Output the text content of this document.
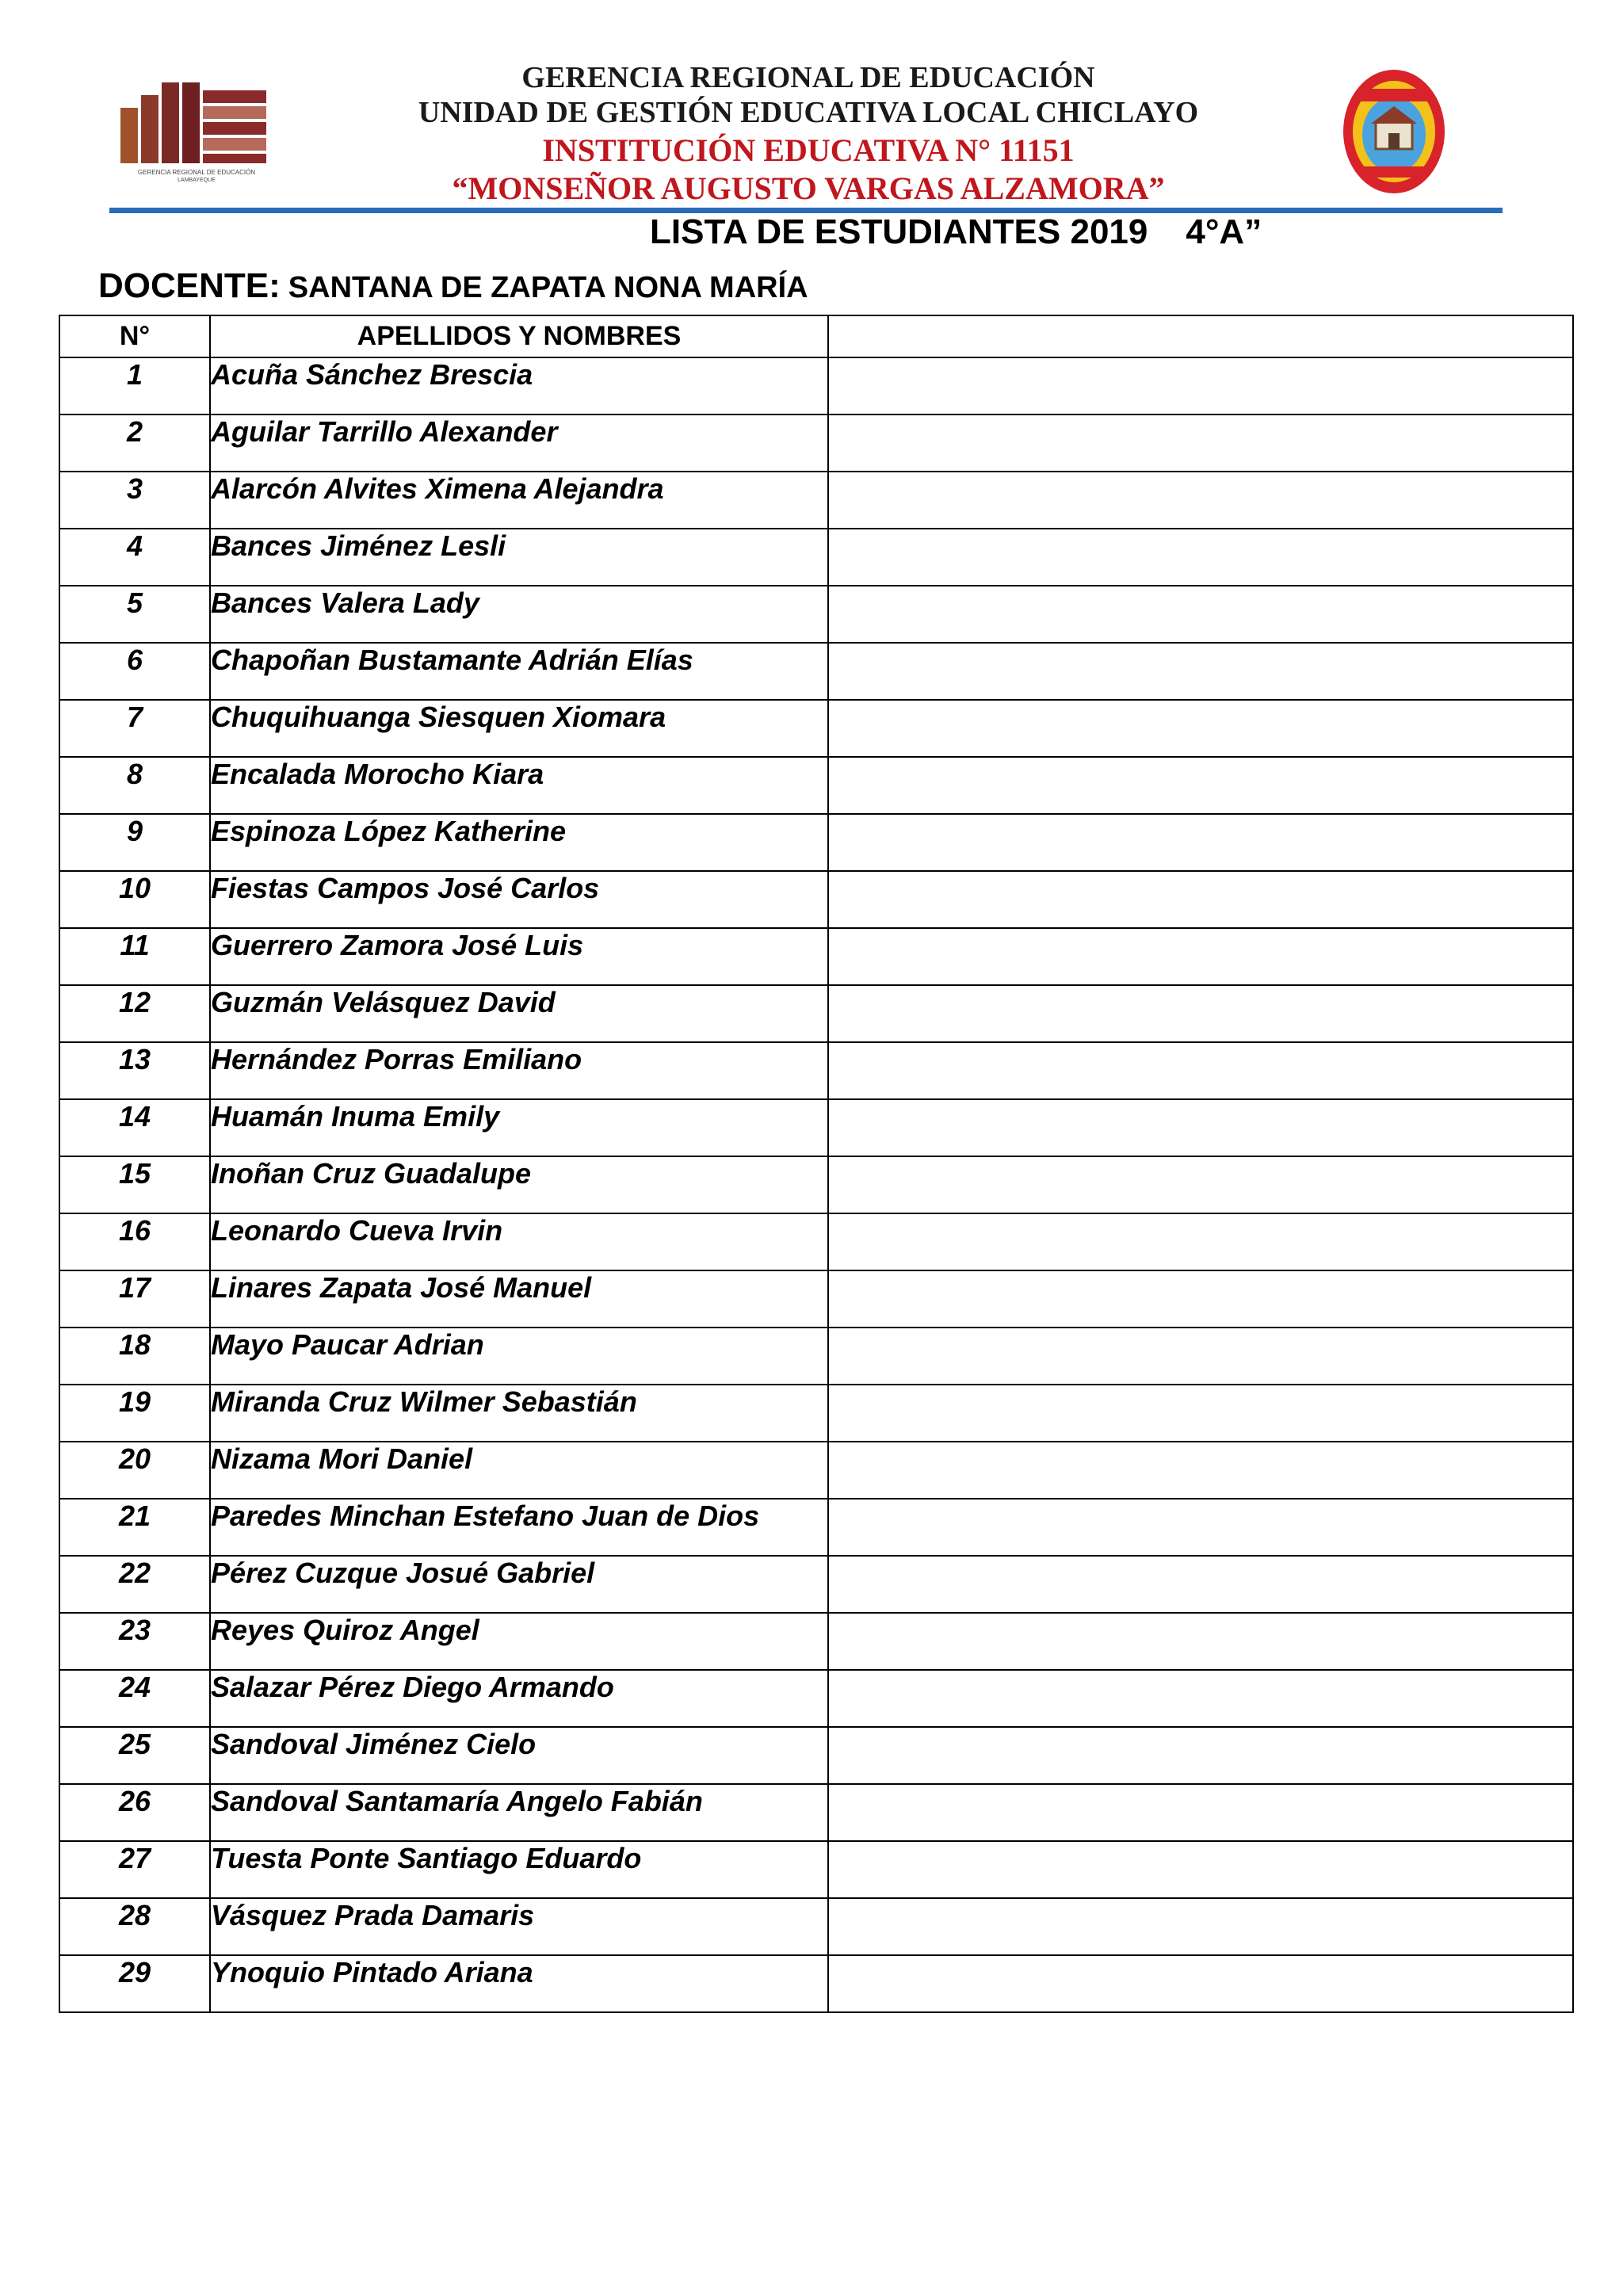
GERENCIA REGIONAL DE EDUCACIÓN
LAMBAYEQUE
GERENCIA REGIONAL DE EDUCACIÓN
UNIDAD DE GESTIÓN EDUCATIVA LOCAL CHICLAYO
INSTITUCIÓN EDUCATIVA N° 11151
“MONSEÑOR AUGUSTO VARGAS ALZAMORA”
LISTA DE ESTUDIANTES 2019 4°A”
DOCENTE: SANTANA DE ZAPATA NONA MARÍA
N°	APELLIDOS Y NOMBRES	
1	Acuña Sánchez Brescia	
2	Aguilar Tarrillo Alexander	
3	Alarcón Alvites Ximena Alejandra	
4	Bances Jiménez Lesli	
5	Bances Valera Lady	
6	Chapoñan Bustamante Adrián Elías	
7	Chuquihuanga Siesquen Xiomara	
8	Encalada Morocho Kiara	
9	Espinoza López Katherine	
10	Fiestas Campos José Carlos	
11	Guerrero Zamora José Luis	
12	Guzmán Velásquez David	
13	Hernández Porras Emiliano	
14	Huamán Inuma Emily	
15	Inoñan Cruz Guadalupe	
16	Leonardo Cueva Irvin	
17	Linares Zapata José Manuel	
18	Mayo Paucar Adrian	
19	Miranda Cruz Wilmer Sebastián	
20	Nizama Mori Daniel	
21	Paredes Minchan Estefano Juan de Dios	
22	Pérez Cuzque Josué Gabriel	
23	Reyes Quiroz Angel	
24	Salazar Pérez Diego Armando	
25	Sandoval Jiménez Cielo	
26	Sandoval Santamaría Angelo Fabián	
27	Tuesta Ponte Santiago Eduardo	
28	Vásquez Prada Damaris	
29	Ynoquio Pintado Ariana	
